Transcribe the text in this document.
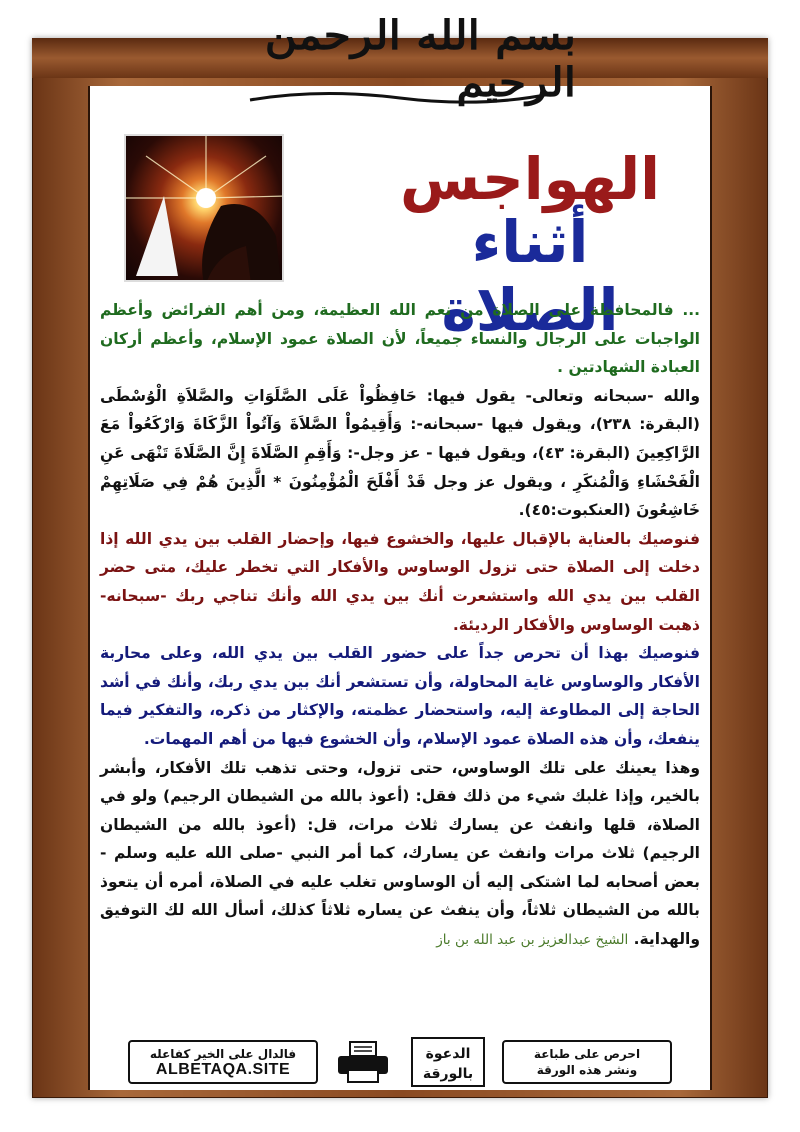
بسم الله الرحمن الرحيم
الهواجس
أثناء الصلاة
... فالمحافظة على الصلاة من نعم الله العظيمة، ومن أهم الفرائض وأعظم الواجبات على الرجال والنساء جميعاً، لأن الصلاة عمود الإسلام، وأعظم أركان العبادة الشهادتين .
والله -سبحانه وتعالى- يقول فيها: حَافِظُواْ عَلَى الصَّلَوَاتِ والصَّلاَةِ الْوُسْطَى (البقرة: ٢٣٨)، ويقول فيها -سبحانه-: وَأَقِيمُواْ الصَّلاَةَ وَآتُواْ الزَّكَاةَ وَارْكَعُواْ مَعَ الرَّاكِعِينَ (البقرة: ٤٣)، ويقول فيها - عز وجل-: وَأَقِمِ الصَّلَاةَ إِنَّ الصَّلَاةَ تَنْهَى عَنِ الْفَحْشَاءِ وَالْمُنكَرِ ، ويقول عز وجل قَدْ أَفْلَحَ الْمُؤْمِنُونَ * الَّذِينَ هُمْ فِي صَلَاتِهِمْ خَاشِعُونَ (العنكبوت:٤٥).
فنوصيك بالعناية بالإقبال عليها، والخشوع فيها، وإحضار القلب بين يدي الله إذا دخلت إلى الصلاة حتى تزول الوساوس والأفكار التي تخطر عليك، متى حضر القلب بين يدي الله واستشعرت أنك بين يدي الله وأنك تناجي ربك -سبحانه- ذهبت الوساوس والأفكار الرديئة.
فنوصيك بهذا أن تحرص جداً على حضور القلب بين يدي الله، وعلى محاربة الأفكار والوساوس غاية المحاولة، وأن تستشعر أنك بين يدي ربك، وأنك في أشد الحاجة إلى المطاوعة إليه، واستحضار عظمته، والإكثار من ذكره، والتفكير فيما ينفعك، وأن هذه الصلاة عمود الإسلام، وأن الخشوع فيها من أهم المهمات.
وهذا يعينك على تلك الوساوس، حتى تزول، وحتى تذهب تلك الأفكار، وأبشر بالخير، وإذا غلبك شيء من ذلك فقل: (أعوذ بالله من الشيطان الرجيم) ولو في الصلاة، قلها وانفث عن يسارك ثلاث مرات، قل: (أعوذ بالله من الشيطان الرجيم) ثلاث مرات وانفث عن يسارك، كما أمر النبي -صلى الله عليه وسلم - بعض أصحابه لما اشتكى إليه أن الوساوس تغلب عليه في الصلاة، أمره أن يتعوذ بالله من الشيطان ثلاثاً، وأن ينفث عن يساره ثلاثاً كذلك، أسأل الله لك التوفيق والهداية. الشيخ عبدالعزيز بن عبد الله بن باز
احرص على طباعة
ونشر هذه الورقة
الدعوة
بالورقة
فالدال على الخير كفاعله
ALBETAQA.SITE
